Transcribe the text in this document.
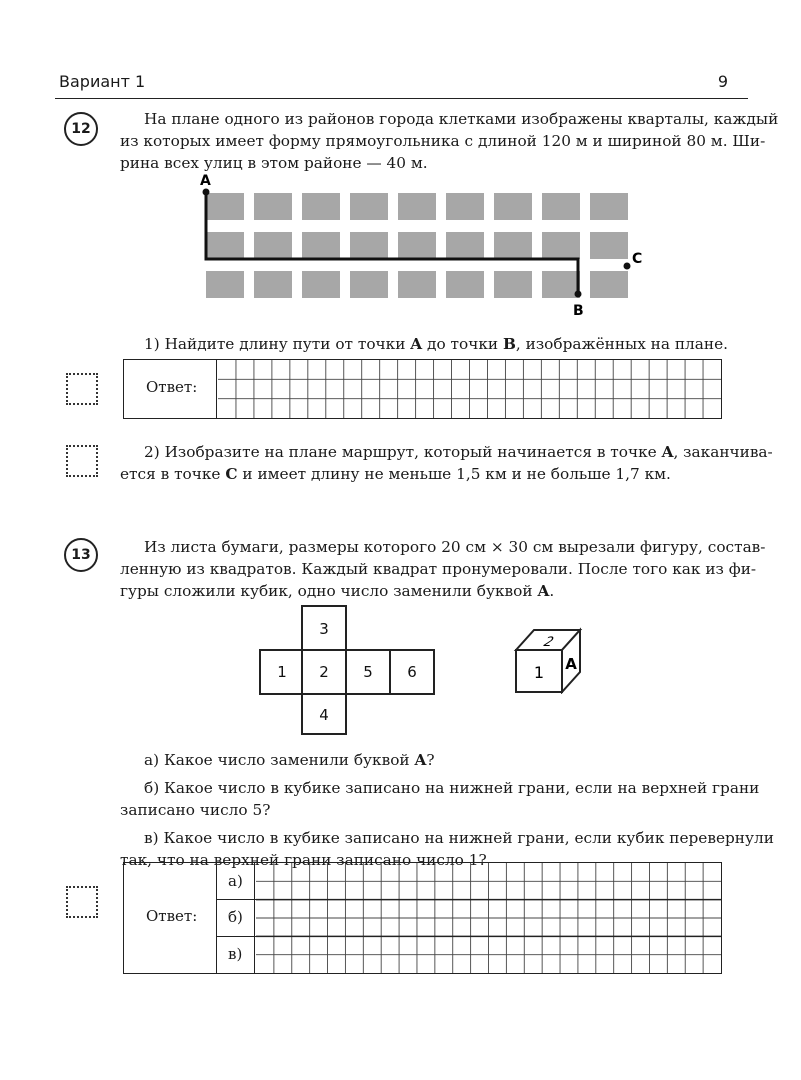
Вариант 1	9
12
На плане одного из районов города клетками изображены кварталы, каждый
из которых имеет форму прямоугольника с длиной 120 м и шириной 80 м. Ши-
рина всех улиц в этом районе — 40 м.
A
B
C
1) Найдите длину пути от точки A до точки B, изображённых на плане.
Ответ:
2) Изобразите на плане маршрут, который начинается в точке A, заканчива-
ется в точке C и имеет длину не меньше 1,5 км и не больше 1,7 км.
13	Из листа бумаги, размеры которого 20 см × 30 см вырезали фигуру, состав-
ленную из квадратов. Каждый квадрат пронумеровали. После того как из фи-
гуры сложили кубик, одно число заменили буквой A.
3
1 2 5 6
4
1
2
A
а) Какое число заменили буквой A?
б) Какое число в кубике записано на нижней грани, если на верхней грани
записано число 5?
в) Какое число в кубике записано на нижней грани, если кубик перевернули
так, что на верхней грани записано число 1?
Ответ:
а)
б)
в)
